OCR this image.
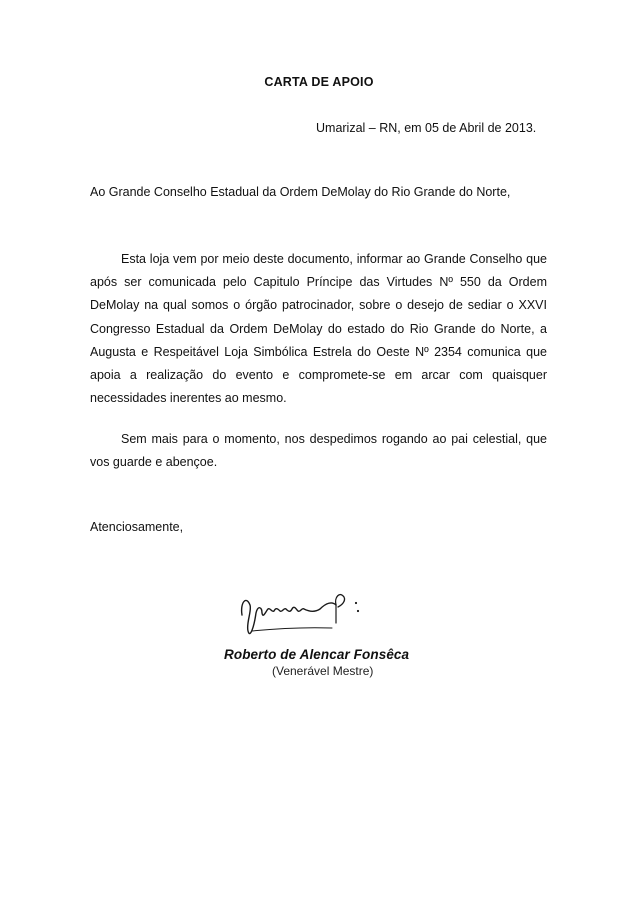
CARTA DE APOIO
Umarizal – RN, em 05 de Abril de 2013.
Ao Grande Conselho Estadual da Ordem DeMolay do Rio Grande do Norte,

Esta loja vem por meio deste documento, informar ao Grande Conselho que após ser comunicada pelo Capitulo Príncipe das Virtudes Nº 550 da Ordem DeMolay na qual somos o órgão patrocinador, sobre o desejo de sediar o XXVI Congresso Estadual da Ordem DeMolay do estado do Rio Grande do Norte, a Augusta e Respeitável Loja Simbólica Estrela do Oeste Nº 2354 comunica que apoia a realização do evento e compromete-se em arcar com quaisquer necessidades inerentes ao mesmo.

Sem mais para o momento, nos despedimos rogando ao pai celestial, que vos guarde e abençoe.

Atenciosamente,
Roberto de Alencar Fonsêca
(Venerável Mestre)
